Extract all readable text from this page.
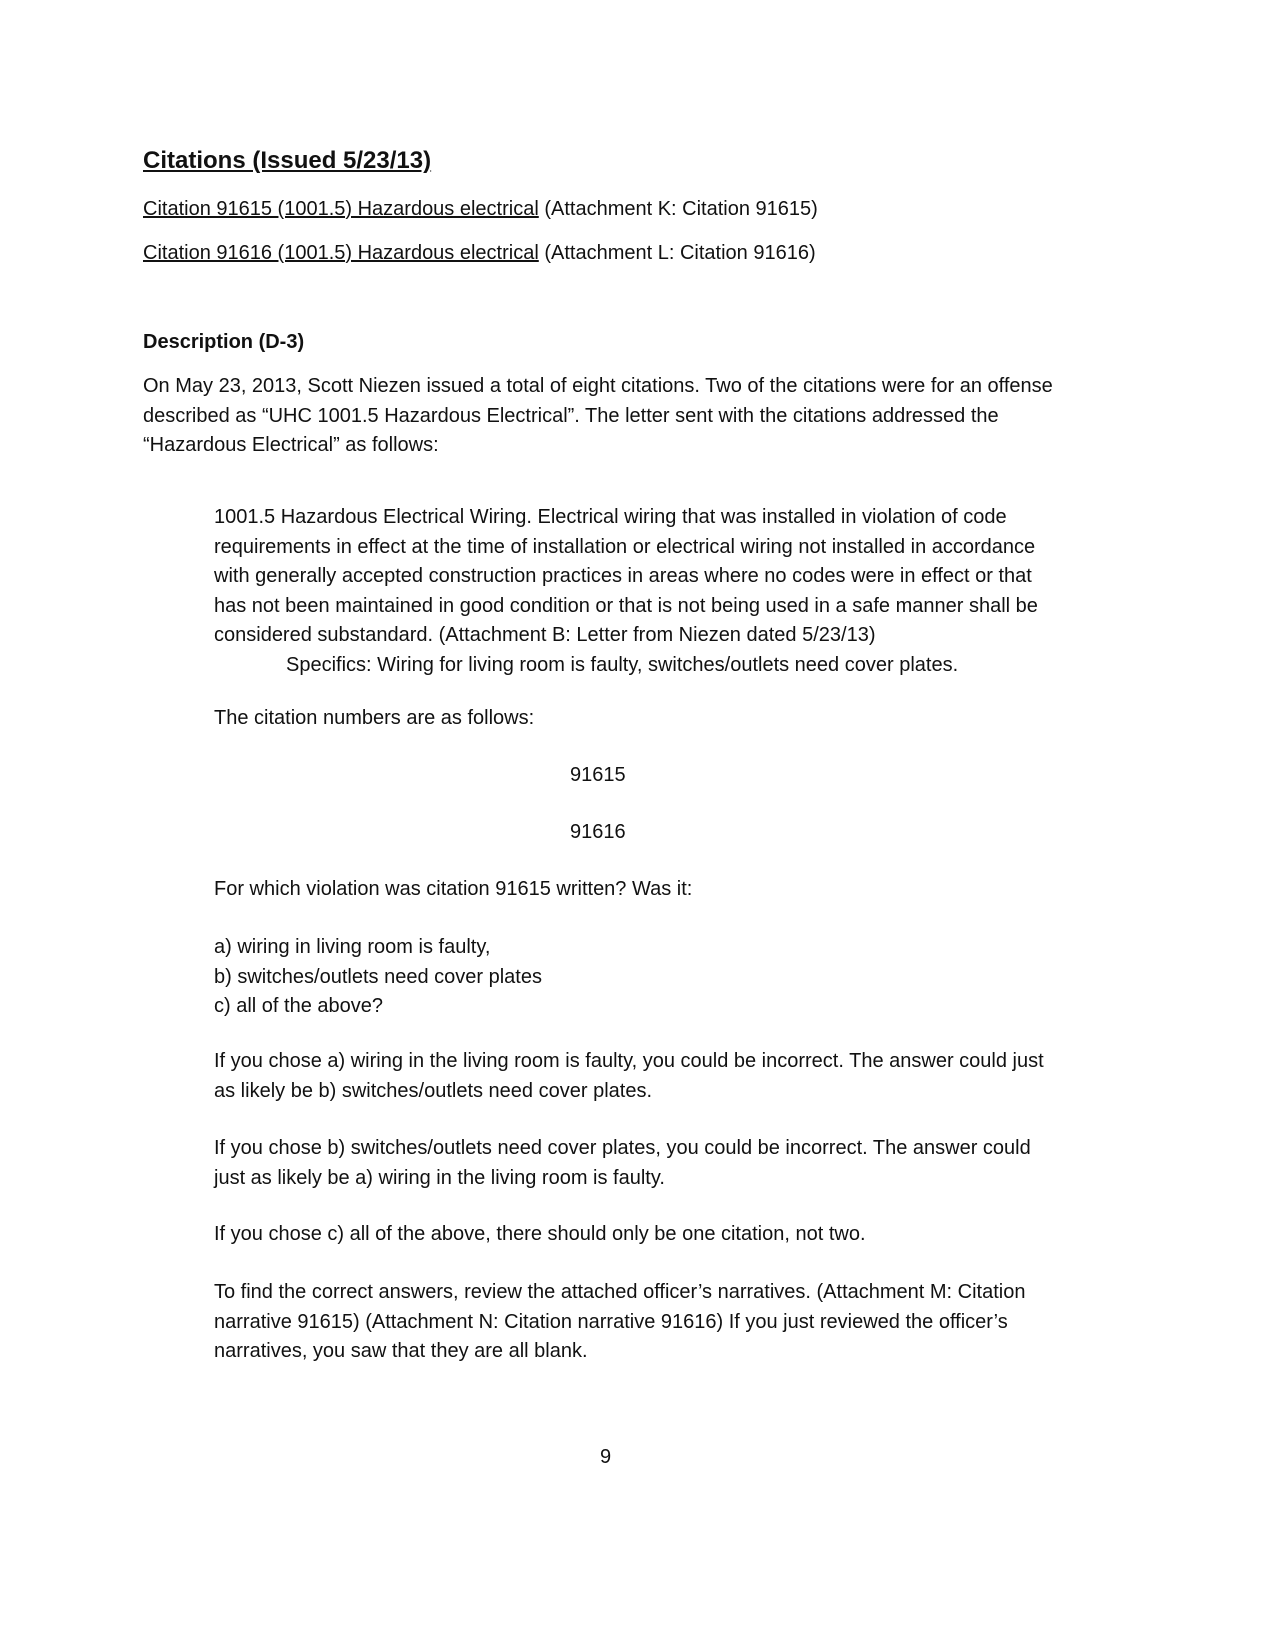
Citations (Issued 5/23/13)
Citation 91615 (1001.5) Hazardous electrical (Attachment K: Citation 91615)
Citation 91616 (1001.5) Hazardous electrical (Attachment L: Citation 91616)
Description (D-3)
On May 23, 2013, Scott Niezen issued a total of eight citations. Two of the citations were for an offense
described as “UHC 1001.5 Hazardous Electrical”. The letter sent with the citations addressed the
“Hazardous Electrical” as follows:
1001.5 Hazardous Electrical Wiring. Electrical wiring that was installed in violation of code
requirements in effect at the time of installation or electrical wiring not installed in accordance
with generally accepted construction practices in areas where no codes were in effect or that
has not been maintained in good condition or that is not being used in a safe manner shall be
considered substandard. (Attachment B: Letter from Niezen dated 5/23/13)
Specifics: Wiring for living room is faulty, switches/outlets need cover plates.
The citation numbers are as follows:
91615
91616
For which violation was citation 91615 written? Was it:
a) wiring in living room is faulty,
b) switches/outlets need cover plates
c) all of the above?
If you chose a) wiring in the living room is faulty, you could be incorrect. The answer could just
as likely be b) switches/outlets need cover plates.
If you chose b) switches/outlets need cover plates, you could be incorrect. The answer could
just as likely be a) wiring in the living room is faulty.
If you chose c) all of the above, there should only be one citation, not two.
To find the correct answers, review the attached officer’s narratives. (Attachment M: Citation
narrative 91615) (Attachment N: Citation narrative 91616) If you just reviewed the officer’s
narratives, you saw that they are all blank.
9
